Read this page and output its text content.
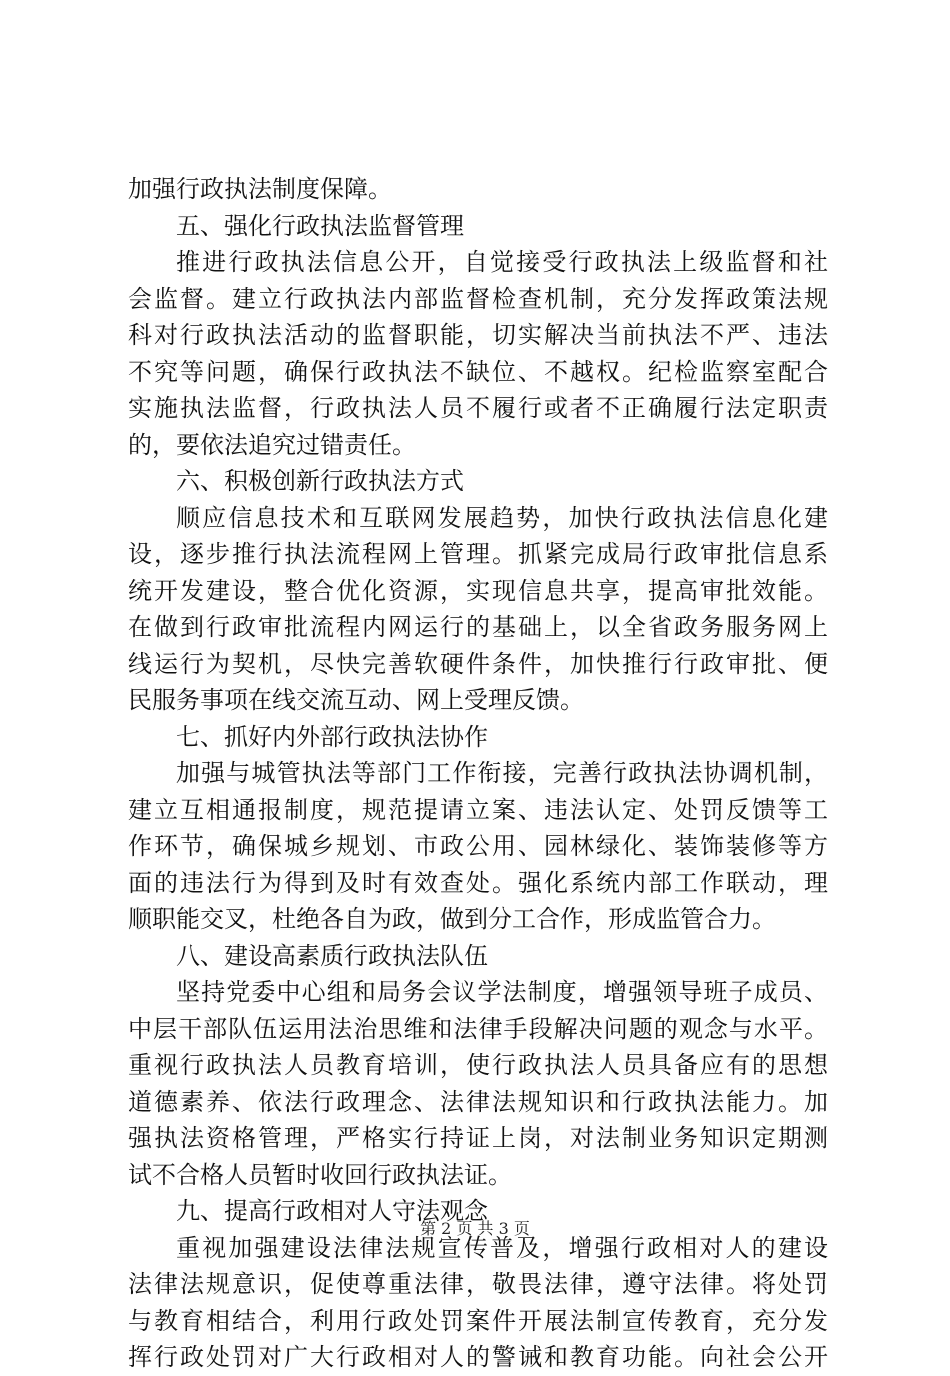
加强行政执法制度保障。
五、强化行政执法监督管理
推进行政执法信息公开，自觉接受行政执法上级监督和社
会监督。建立行政执法内部监督检查机制，充分发挥政策法规
科对行政执法活动的监督职能，切实解决当前执法不严、违法
不究等问题，确保行政执法不缺位、不越权。纪检监察室配合
实施执法监督，行政执法人员不履行或者不正确履行法定职责
的，要依法追究过错责任。
六、积极创新行政执法方式
顺应信息技术和互联网发展趋势，加快行政执法信息化建
设，逐步推行执法流程网上管理。抓紧完成局行政审批信息系
统开发建设，整合优化资源，实现信息共享，提高审批效能。
在做到行政审批流程内网运行的基础上，以全省政务服务网上
线运行为契机，尽快完善软硬件条件，加快推行行政审批、便
民服务事项在线交流互动、网上受理反馈。
七、抓好内外部行政执法协作
加强与城管执法等部门工作衔接，完善行政执法协调机制，
建立互相通报制度，规范提请立案、违法认定、处罚反馈等工
作环节，确保城乡规划、市政公用、园林绿化、装饰装修等方
面的违法行为得到及时有效查处。强化系统内部工作联动，理
顺职能交叉，杜绝各自为政，做到分工合作，形成监管合力。
八、建设高素质行政执法队伍
坚持党委中心组和局务会议学法制度，增强领导班子成员、
中层干部队伍运用法治思维和法律手段解决问题的观念与水平。
重视行政执法人员教育培训，使行政执法人员具备应有的思想
道德素养、依法行政理念、法律法规知识和行政执法能力。加
强执法资格管理，严格实行持证上岗，对法制业务知识定期测
试不合格人员暂时收回行政执法证。
九、提高行政相对人守法观念
重视加强建设法律法规宣传普及，增强行政相对人的建设
法律法规意识，促使尊重法律，敬畏法律，遵守法律。将处罚
与教育相结合，利用行政处罚案件开展法制宣传教育，充分发
挥行政处罚对广大行政相对人的警诫和教育功能。向社会公开
第 2 页 共 3 页
